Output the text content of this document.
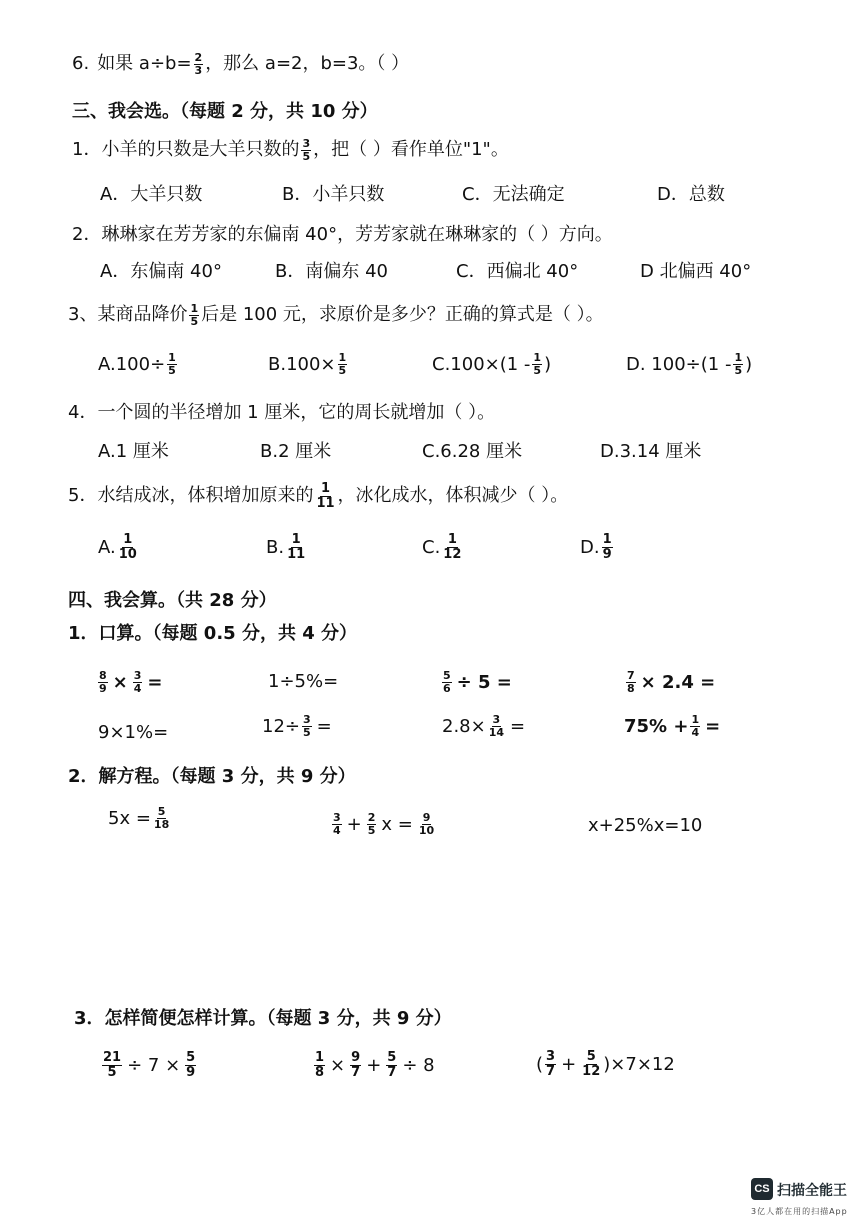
6. 如果 $a\div b= \frac{2}{3}$ ，那么 a=2，b=3。（ ）
三、我会选。（每题 2 分，共 10 分）
1．小羊的只数是大羊只数的 $\frac{3}{5}$ ，把（ ）看作单位"1"。
A．大羊只数	B．小羊只数	C．无法确定	D．总数
2．琳琳家在芳芳家的东偏南 40°，芳芳家就在琳琳家的（ ）方向。
A．东偏南 40°	B．南偏东 40	C．西偏北 40°	D 北偏西 40°
3、某商品降价 $\frac{1}{5}$ 后是 100 元，求原价是多少？正确的算式是（ ）。
$A.100\div \frac{1}{5}$	$B.100\times \frac{1}{5}$	$C.100\times(1 - \frac{1}{5}$ )	D. $100\div(1 - \frac{1}{5}$ )
4．一个圆的半径增加 1 厘米，它的周长就增加（ ）。
A.1 厘米	B.2 厘米	C.6.28 厘米	D.3.14 厘米
5．水结成冰，体积增加原来的 $\frac{1}{11}$ ，冰化成水，体积减少（ ）。
A. $\frac{1}{10}$	B. $\frac{1}{11}$	C. $\frac{1}{12}$	D. $\frac{1}{9}$
四、我会算。（共 28 分）
1．口算。（每题 0.5 分，共 4 分）
$\frac{8}{9} \times \frac{3}{4}$ =	1÷5%=	$\frac{5}{6} \div 5$ =	$\frac{7}{8} \times 2.4$ =
9×1%=	$12\div \frac{3}{5}$ =	$2.8\times \frac{3}{14}$ =	$75\% + \frac{1}{4}$ =
2．解方程。（每题 3 分，共 9 分）
$5x = \frac{5}{18}$	$\frac{3}{4} + \frac{2}{5}$ $x = \frac{9}{10}$	x+25%x=10
3．怎样简便怎样计算。（每题 3 分，共 9 分）
$\frac{21}{5} \div 7 \times \frac{5}{9}$	$\frac{1}{8} \times \frac{9}{7} + \frac{5}{7} \div 8$	( $\frac{3}{7} + \frac{5}{12} )\times 7\times 12$
CS 扫描全能王
3亿人都在用的扫描App
